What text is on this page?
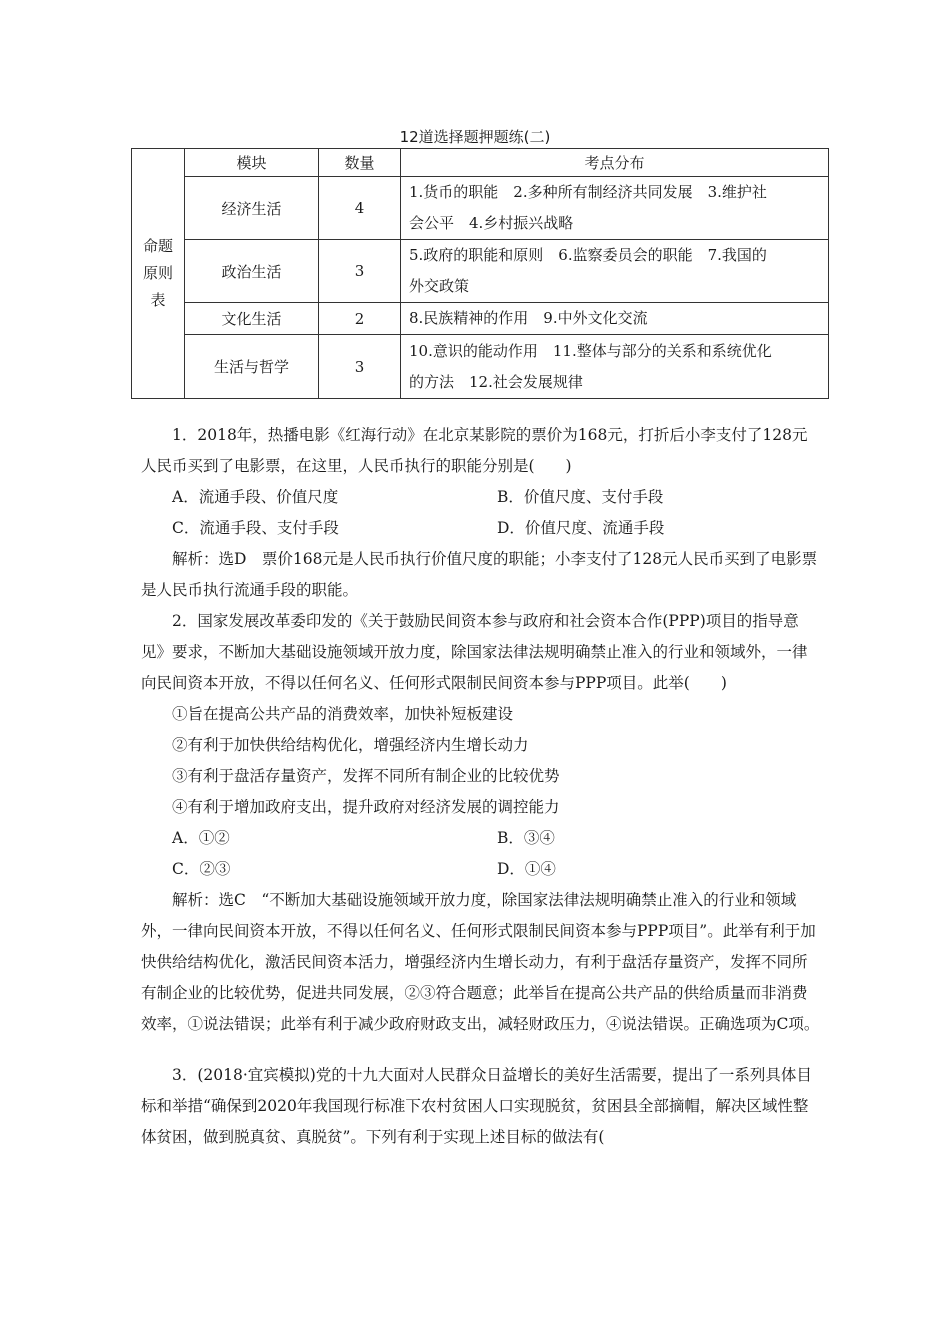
12道选择题押题练(二)
命题
原则
表	模块	数量	考点分布
	经济生活	4	1.货币的职能　2.多种所有制经济共同发展　3.维护社
会公平　4.乡村振兴战略

	政治生活	3	5.政府的职能和原则　6.监察委员会的职能　7.我国的
外交政策

	文化生活	2	8.民族精神的作用　9.中外文化交流

	生活与哲学	3	10.意识的能动作用　11.整体与部分的关系和系统优化
的方法　12.社会发展规律

1．2018年，热播电影《红海行动》在北京某影院的票价为168元，打折后小李支付了128元人民币买到了电影票，在这里，人民币执行的职能分别是(　　)

A．流通手段、价值尺度	B．价值尺度、支付手段
C．流通手段、支付手段	D．价值尺度、流通手段

解析：选D　票价168元是人民币执行价值尺度的职能；小李支付了128元人民币买到了电影票是人民币执行流通手段的职能。

2．国家发展改革委印发的《关于鼓励民间资本参与政府和社会资本合作(PPP)项目的指导意见》要求，不断加大基础设施领域开放力度，除国家法律法规明确禁止准入的行业和领域外，一律向民间资本开放，不得以任何名义、任何形式限制民间资本参与PPP项目。此举(　　)

①旨在提高公共产品的消费效率，加快补短板建设

②有利于加快供给结构优化，增强经济内生增长动力

③有利于盘活存量资产，发挥不同所有制企业的比较优势

④有利于增加政府支出，提升政府对经济发展的调控能力

A．①②	B．③④
C．②③	D．①④

解析：选C　“不断加大基础设施领域开放力度，除国家法律法规明确禁止准入的行业和领域外，一律向民间资本开放，不得以任何名义、任何形式限制民间资本参与PPP项目”。此举有利于加快供给结构优化，激活民间资本活力，增强经济内生增长动力，有利于盘活存量资产，发挥不同所有制企业的比较优势，促进共同发展，②③符合题意；此举旨在提高公共产品的供给质量而非消费效率，①说法错误；此举有利于减少政府财政支出，减轻财政压力，④说法错误。正确选项为C项。

3．(2018·宜宾模拟)党的十九大面对人民群众日益增长的美好生活需要，提出了一系列具体目标和举措“确保到2020年我国现行标准下农村贫困人口实现脱贫，贫困县全部摘帽，解决区域性整体贫困，做到脱真贫、真脱贫”。下列有利于实现上述目标的做法有(
